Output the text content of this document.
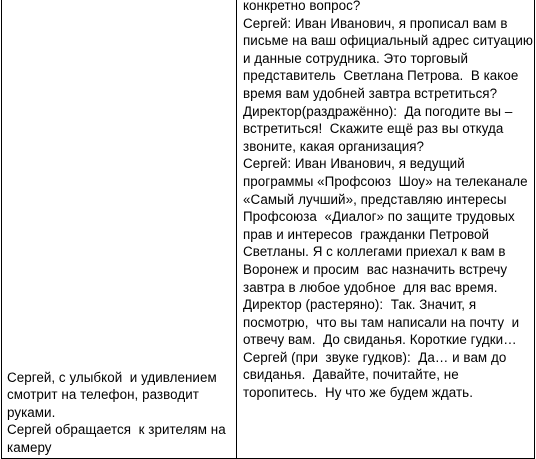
Сергей, с улыбкой  и удивлением
смотрит на телефон, разводит
руками.
Сергей обращается  к зрителям на
камеру
конкретно вопрос?
Сергей: Иван Иванович, я прописал вам в
письме на ваш официальный адрес ситуацию
и данные сотрудника. Это торговый
представитель  Светлана Петрова.  В какое
время вам удобней завтра встретиться?
Директор(раздражённо):  Да погодите вы –
встретиться!  Скажите ещё раз вы откуда
звоните, какая организация?
Сергей: Иван Иванович, я ведущий
программы «Профсоюз  Шоу» на телеканале
«Самый лучший», представляю интересы
Профсоюза  «Диалог» по защите трудовых
прав и интересов  гражданки Петровой
Светланы. Я с коллегами приехал к вам в
Воронеж и просим  вас назначить встречу
завтра в любое удобное  для вас время.
Директор (растеряно):  Так. Значит, я
посмотрю,  что вы там написали на почту  и
отвечу вам.  До свиданья. Короткие гудки…
Сергей (при  звуке гудков):  Да… и вам до
свиданья.  Давайте, почитайте, не
торопитесь.  Ну что же будем ждать.
